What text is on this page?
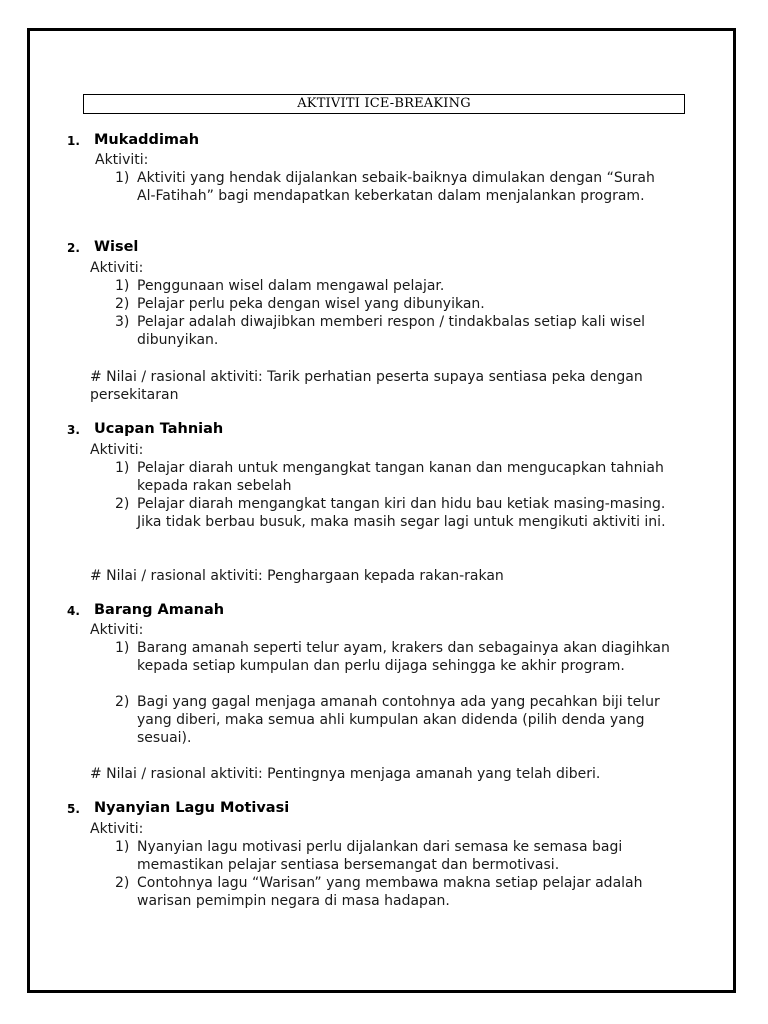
AKTIVITI ICE-BREAKING
1. Mukaddimah
Aktiviti:
1) Aktiviti yang hendak dijalankan sebaik-baiknya dimulakan dengan “Surah Al-Fatihah” bagi mendapatkan keberkatan dalam menjalankan program.
2. Wisel
Aktiviti:
1) Penggunaan wisel dalam mengawal pelajar.
2) Pelajar perlu peka dengan wisel yang dibunyikan.
3) Pelajar adalah diwajibkan memberi respon / tindakbalas setiap kali wisel dibunyikan.
# Nilai / rasional aktiviti: Tarik perhatian peserta supaya sentiasa peka dengan persekitaran
3. Ucapan Tahniah
Aktiviti:
1) Pelajar diarah untuk mengangkat tangan kanan dan mengucapkan tahniah kepada rakan sebelah
2) Pelajar diarah mengangkat tangan kiri dan hidu bau ketiak masing-masing. Jika tidak berbau busuk, maka masih segar lagi untuk mengikuti aktiviti ini.
# Nilai / rasional aktiviti: Penghargaan kepada rakan-rakan
4. Barang Amanah
Aktiviti:
1) Barang amanah seperti telur ayam, krakers dan sebagainya akan diagihkan kepada setiap kumpulan dan perlu dijaga sehingga ke akhir program.
2) Bagi yang gagal menjaga amanah contohnya ada yang pecahkan biji telur yang diberi, maka semua ahli kumpulan akan didenda (pilih denda yang sesuai).
# Nilai / rasional aktiviti: Pentingnya menjaga amanah yang telah diberi.
5. Nyanyian Lagu Motivasi
Aktiviti:
1) Nyanyian lagu motivasi perlu dijalankan dari semasa ke semasa bagi memastikan pelajar sentiasa bersemangat dan bermotivasi.
2) Contohnya lagu “Warisan” yang membawa makna setiap pelajar adalah warisan pemimpin negara di masa hadapan.
